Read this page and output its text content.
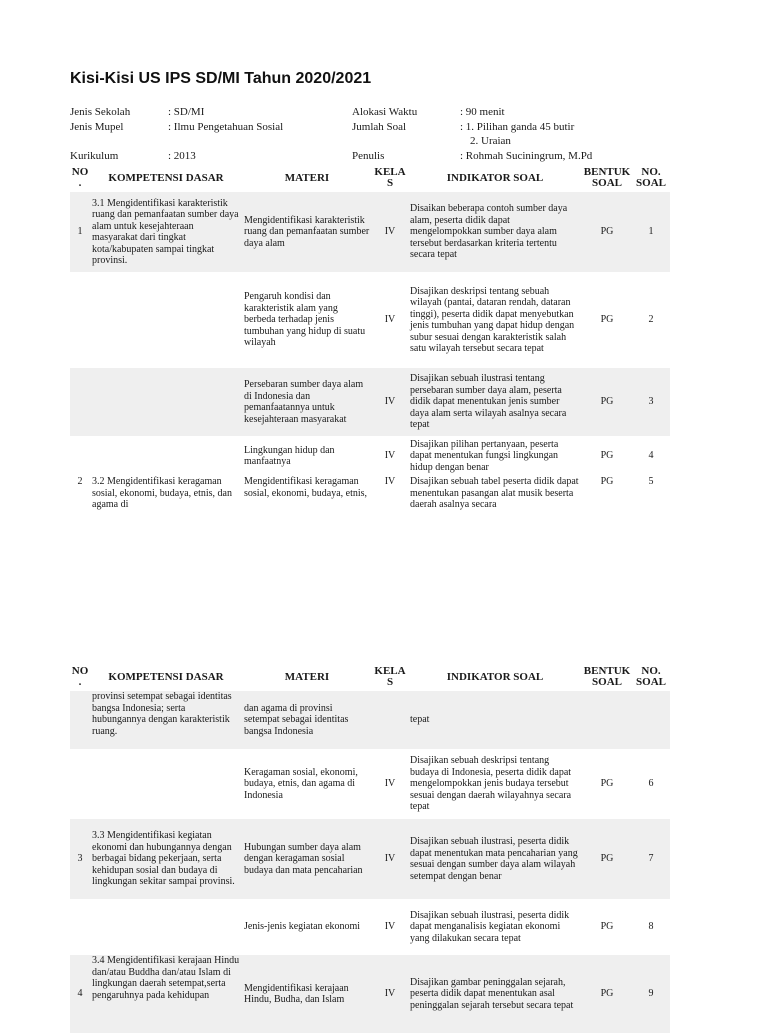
Kisi-Kisi US IPS SD/MI Tahun 2020/2021
Jenis Sekolah	: SD/MI
Jenis Mupel	: Ilmu Pengetahuan Sosial
Kurikulum	: 2013
Alokasi Waktu	: 90 menit
Jumlah Soal	: 1. Pilihan ganda 45 butir
2. Uraian
Penulis	: Rohmah Suciningrum, M.Pd
NO .	KOMPETENSI DASAR	MATERI	KELA S	INDIKATOR SOAL	BENTUK SOAL	NO. SOAL
1	3.1 Mengidentifikasi karakteristik ruang dan pemanfaatan sumber daya alam untuk kesejahteraan masyarakat dari tingkat kota/kabupaten sampai tingkat provinsi.	Mengidentifikasi karakteristik ruang dan pemanfaatan sumber daya alam	IV	Disaikan beberapa contoh sumber daya alam, peserta didik dapat mengelompokkan sumber daya alam tersebut berdasarkan kriteria tertentu secara tepat	PG	1
		Pengaruh kondisi dan karakteristik alam yang berbeda terhadap jenis tumbuhan yang hidup di suatu wilayah	IV	Disajikan deskripsi tentang sebuah wilayah (pantai, dataran rendah, dataran tinggi), peserta didik dapat menyebutkan jenis tumbuhan yang dapat hidup dengan subur sesuai dengan karakteristik salah satu wilayah tersebut secara tepat	PG	2
		Persebaran sumber daya alam di Indonesia dan pemanfaatannya untuk kesejahteraan masyarakat	IV	Disajikan sebuah ilustrasi tentang persebaran sumber daya alam, peserta didik dapat menentukan jenis sumber daya alam serta wilayah asalnya secara tepat	PG	3
		Lingkungan hidup dan manfaatnya	IV	Disajikan pilihan pertanyaan, peserta dapat menentukan fungsi lingkungan hidup dengan benar	PG	4
2	3.2 Mengidentifikasi keragaman sosial, ekonomi, budaya, etnis, dan agama di	Mengidentifikasi keragaman sosial, ekonomi, budaya, etnis,	IV	Disajikan sebuah tabel peserta didik dapat menentukan pasangan alat musik beserta daerah asalnya secara	PG	5
NO .	KOMPETENSI DASAR	MATERI	KELA S	INDIKATOR SOAL	BENTUK SOAL	NO. SOAL
	provinsi setempat sebagai identitas bangsa Indonesia; serta hubungannya dengan karakteristik ruang.	dan agama di provinsi setempat sebagai identitas bangsa Indonesia		tepat		
		Keragaman sosial, ekonomi, budaya, etnis, dan agama di Indonesia	IV	Disajikan sebuah deskripsi tentang budaya di Indonesia, peserta didik dapat mengelompokkan jenis budaya tersebut sesuai dengan daerah wilayahnya secara tepat	PG	6
3	3.3 Mengidentifikasi kegiatan ekonomi dan hubungannya dengan berbagai bidang pekerjaan, serta kehidupan sosial dan budaya di lingkungan sekitar sampai provinsi.	Hubungan sumber daya alam dengan keragaman sosial budaya dan mata pencaharian	IV	Disajikan sebuah ilustrasi, peserta didik dapat menentukan mata pencaharian yang sesuai dengan sumber daya alam wilayah setempat dengan benar	PG	7
		Jenis-jenis kegiatan ekonomi	IV	Disajikan sebuah ilustrasi, peserta didik dapat menganalisis kegiatan ekonomi yang dilakukan secara tepat	PG	8
4	3.4 Mengidentifikasi kerajaan Hindu dan/atau Buddha dan/atau Islam di lingkungan daerah setempat,serta pengaruhnya pada kehidupan	Mengidentifikasi kerajaan Hindu, Budha, dan Islam	IV	Disajikan gambar peninggalan sejarah, peserta didik dapat menentukan asal peninggalan sejarah tersebut secara tepat	PG	9
